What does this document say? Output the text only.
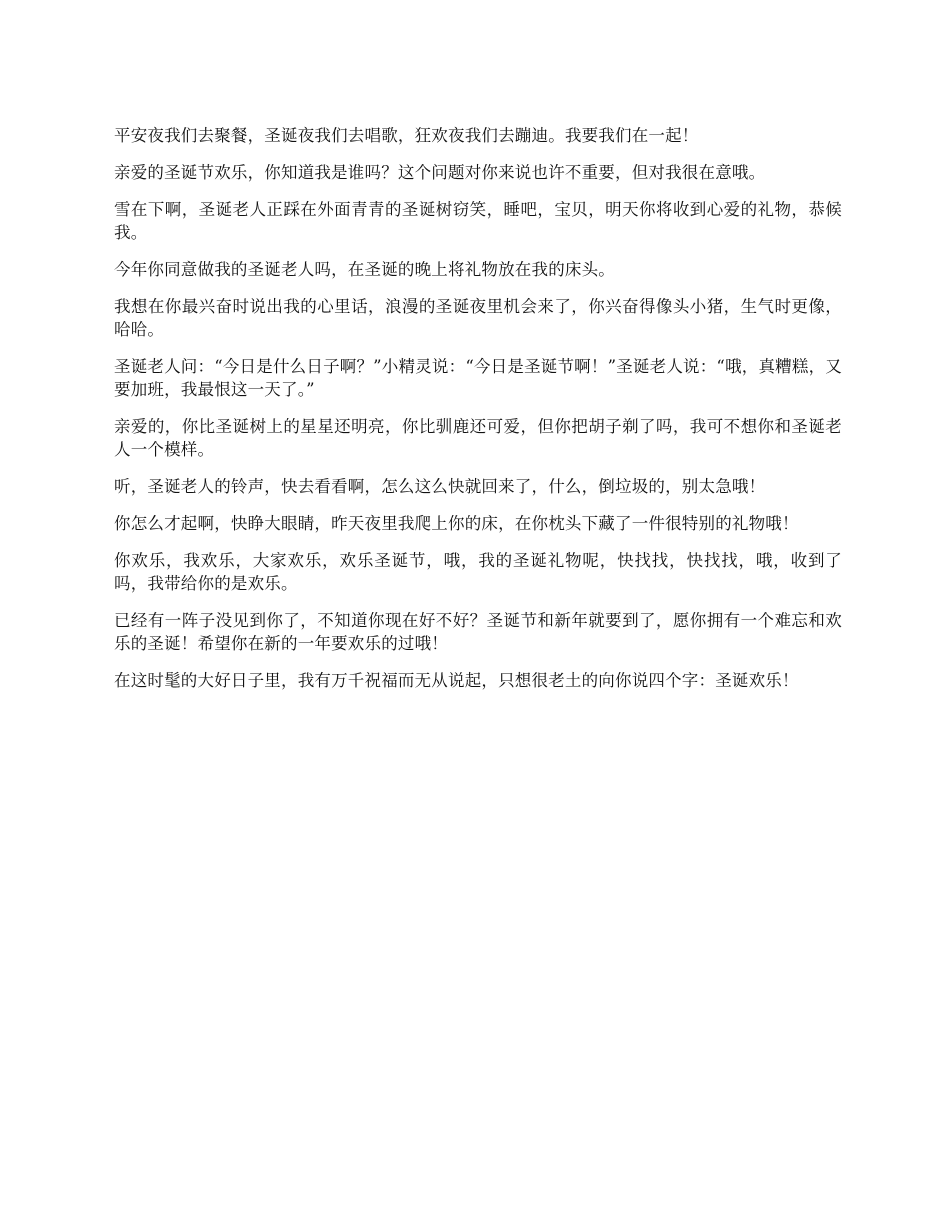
平安夜我们去聚餐，圣诞夜我们去唱歌，狂欢夜我们去蹦迪。我要我们在一起！

亲爱的圣诞节欢乐，你知道我是谁吗？这个问题对你来说也许不重要，但对我很在意哦。

雪在下啊，圣诞老人正踩在外面青青的圣诞树窃笑，睡吧，宝贝，明天你将收到心爱的礼物，恭候我。

今年你同意做我的圣诞老人吗，在圣诞的晚上将礼物放在我的床头。

我想在你最兴奋时说出我的心里话，浪漫的圣诞夜里机会来了，你兴奋得像头小猪，生气时更像，哈哈。

圣诞老人问：“今日是什么日子啊？”小精灵说：“今日是圣诞节啊！”圣诞老人说：“哦，真糟糕，又要加班，我最恨这一天了。”

亲爱的，你比圣诞树上的星星还明亮，你比驯鹿还可爱，但你把胡子剃了吗，我可不想你和圣诞老人一个模样。

听，圣诞老人的铃声，快去看看啊，怎么这么快就回来了，什么，倒垃圾的，别太急哦！

你怎么才起啊，快睁大眼睛，昨天夜里我爬上你的床，在你枕头下藏了一件很特别的礼物哦！

你欢乐，我欢乐，大家欢乐，欢乐圣诞节，哦，我的圣诞礼物呢，快找找，快找找，哦，收到了吗，我带给你的是欢乐。

已经有一阵子没见到你了，不知道你现在好不好？圣诞节和新年就要到了，愿你拥有一个难忘和欢乐的圣诞！希望你在新的一年要欢乐的过哦！

在这时髦的大好日子里，我有万千祝福而无从说起，只想很老土的向你说四个字：圣诞欢乐！
